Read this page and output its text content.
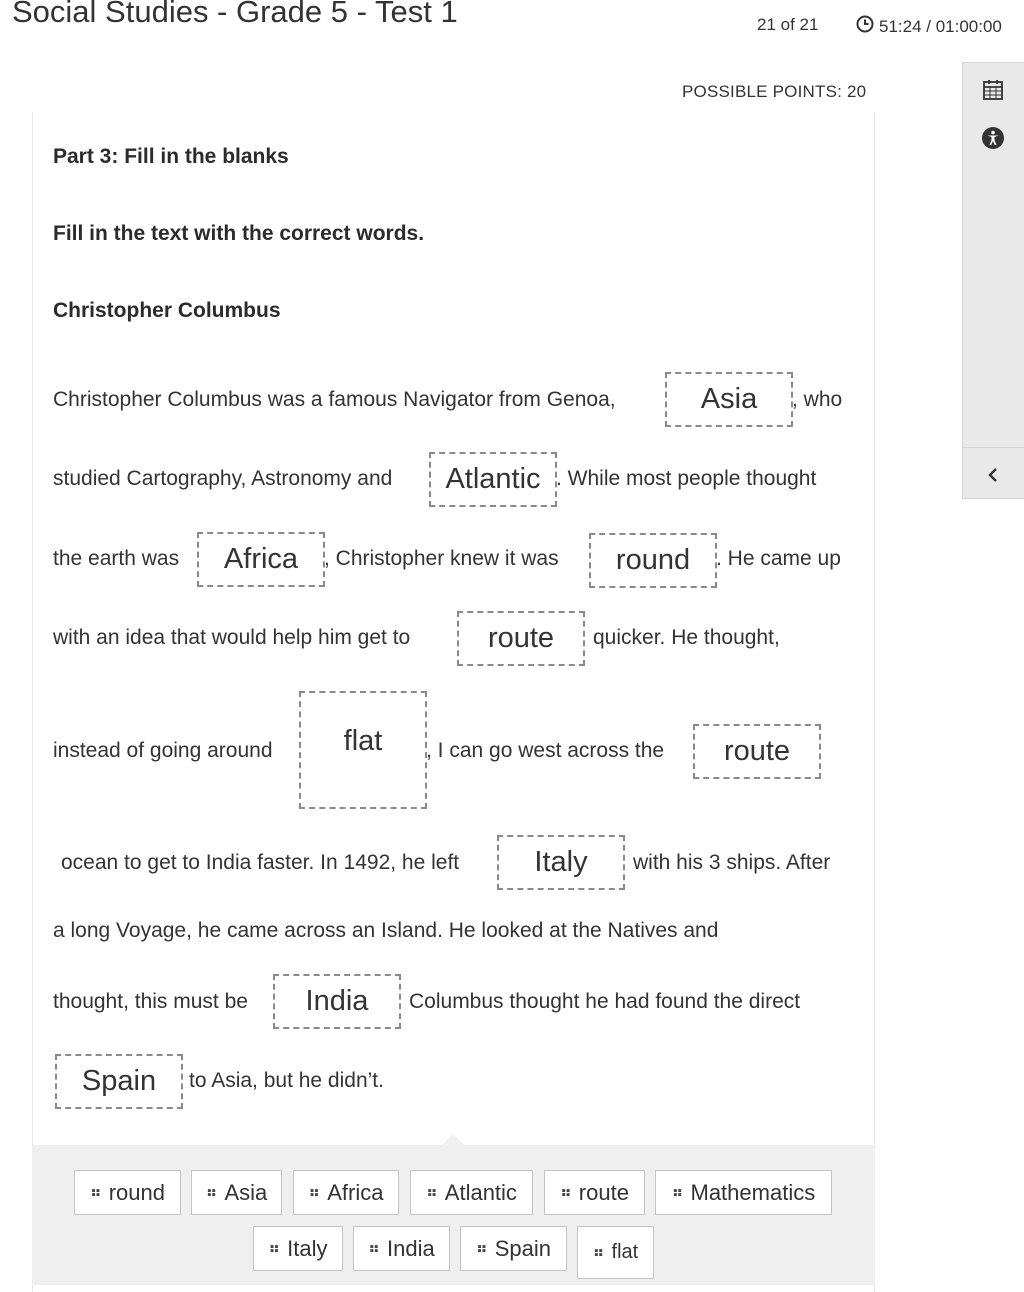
Social Studies - Grade 5 - Test 1	21 of 21	51:24 / 01:00:00
POSSIBLE POINTS: 20
Part 3: Fill in the blanks
Fill in the text with the correct words.
Christopher Columbus
Christopher Columbus was a famous Navigator from Genoa,	Asia	, who
studied Cartography, Astronomy and	Atlantic . While most people thought
the earth was	Africa	, Christopher knew it was	round	. He came up
with an idea that would help him get to	route	quicker. He thought,
instead of going around	flat	, I can go west across the	route
ocean to get to India faster. In 1492, he left	Italy	with his 3 ships. After
a long Voyage, he came across an Island. He looked at the Natives and
thought, this must be	India	Columbus thought he had found the direct
Spain	to Asia, but he didn’t.
⠶ round	⠶ Asia	⠶ Africa	⠶ Atlantic	⠶ route	⠶ Mathematics
⠶ Italy	⠶ India	⠶ Spain	⠶ flat
